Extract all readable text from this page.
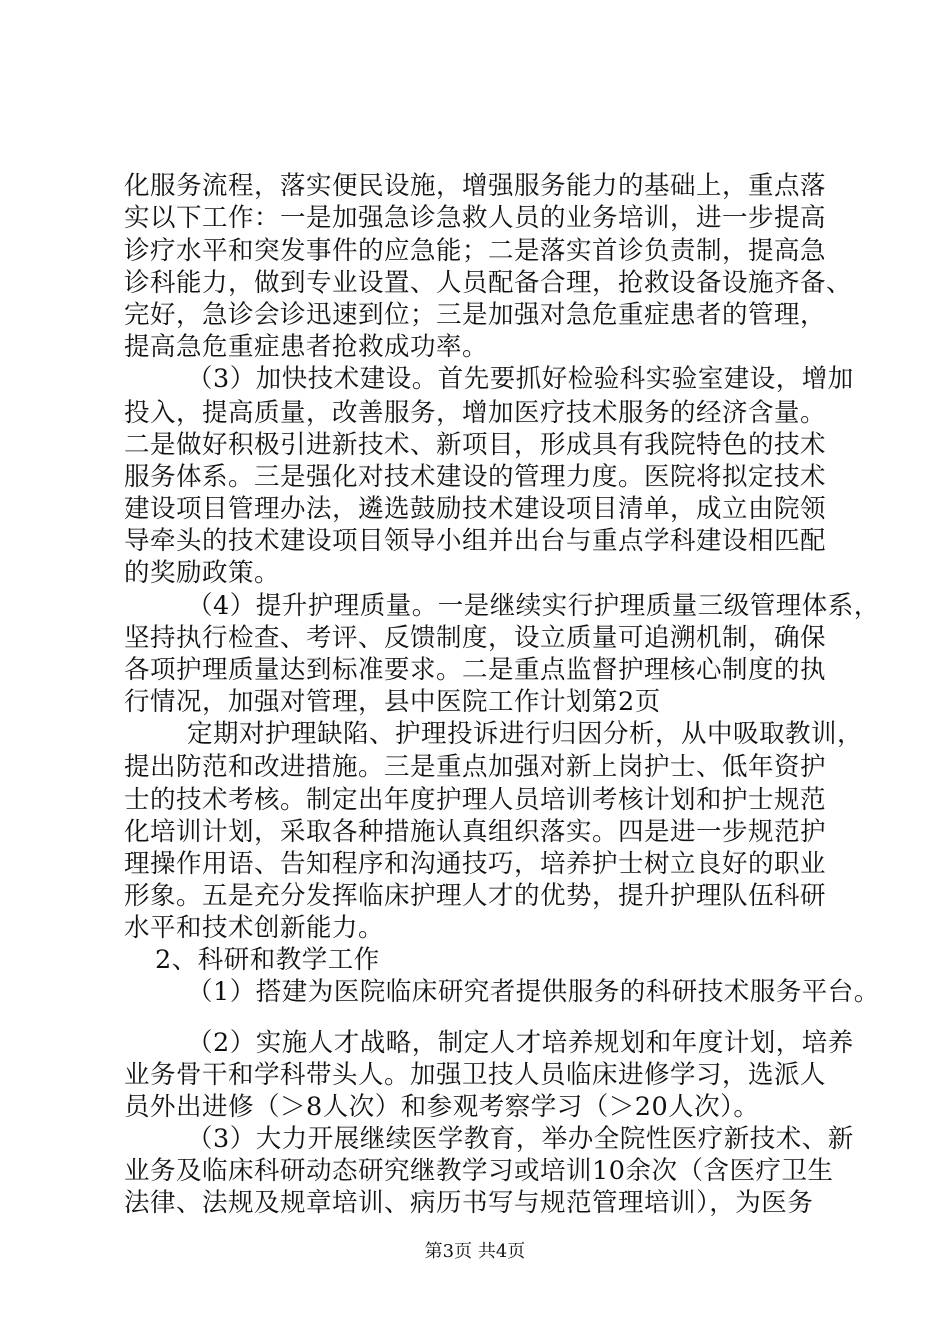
化服务流程，落实便民设施，增强服务能力的基础上，重点落
实以下工作：一是加强急诊急救人员的业务培训，进一步提高
诊疗水平和突发事件的应急能；二是落实首诊负责制，提高急
诊科能力，做到专业设置、人员配备合理，抢救设备设施齐备、
完好，急诊会诊迅速到位；三是加强对急危重症患者的管理，
提高急危重症患者抢救成功率。
（3）加快技术建设。首先要抓好检验科实验室建设，增加
投入，提高质量，改善服务，增加医疗技术服务的经济含量。
二是做好积极引进新技术、新项目，形成具有我院特色的技术
服务体系。三是强化对技术建设的管理力度。医院将拟定技术
建设项目管理办法，遴选鼓励技术建设项目清单，成立由院领
导牵头的技术建设项目领导小组并出台与重点学科建设相匹配
的奖励政策。
（4）提升护理质量。一是继续实行护理质量三级管理体系，
坚持执行检查、考评、反馈制度，设立质量可追溯机制，确保
各项护理质量达到标准要求。二是重点监督护理核心制度的执
行情况，加强对管理，县中医院工作计划第2页
定期对护理缺陷、护理投诉进行归因分析，从中吸取教训，
提出防范和改进措施。三是重点加强对新上岗护士、低年资护
士的技术考核。制定出年度护理人员培训考核计划和护士规范
化培训计划，采取各种措施认真组织落实。四是进一步规范护
理操作用语、告知程序和沟通技巧，培养护士树立良好的职业
形象。五是充分发挥临床护理人才的优势，提升护理队伍科研
水平和技术创新能力。
2、科研和教学工作
（1）搭建为医院临床研究者提供服务的科研技术服务平台。
（2）实施人才战略，制定人才培养规划和年度计划，培养
业务骨干和学科带头人。加强卫技人员临床进修学习，选派人
员外出进修（＞8人次）和参观考察学习（＞20人次）。
（3）大力开展继续医学教育，举办全院性医疗新技术、新
业务及临床科研动态研究继教学习或培训10余次（含医疗卫生
法律、法规及规章培训、病历书写与规范管理培训），为医务
第3页 共4页
